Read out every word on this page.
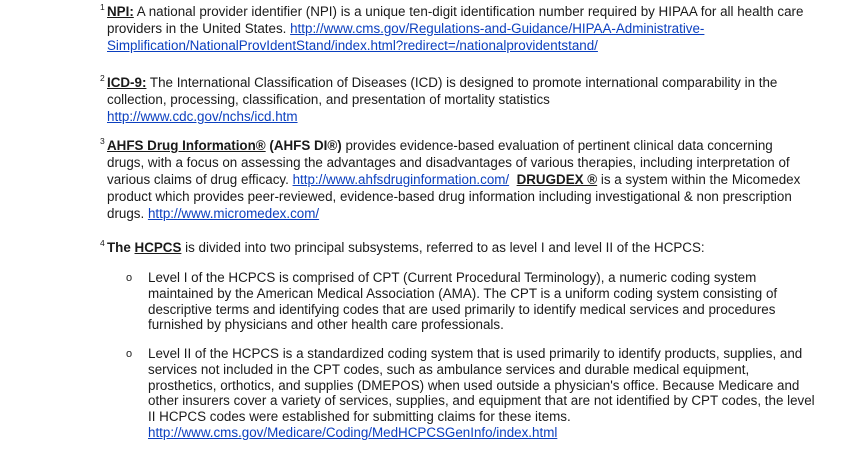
1 NPI: A national provider identifier (NPI) is a unique ten-digit identification number required by HIPAA for all health care providers in the United States. http://www.cms.gov/Regulations-and-Guidance/HIPAA-Administrative-Simplification/NationalProvIdentStand/index.html?redirect=/nationalprovidentstand/
2 ICD-9: The International Classification of Diseases (ICD) is designed to promote international comparability in the collection, processing, classification, and presentation of mortality statistics
http://www.cdc.gov/nchs/icd.htm
3 AHFS Drug Information® (AHFS DI®) provides evidence-based evaluation of pertinent clinical data concerning drugs, with a focus on assessing the advantages and disadvantages of various therapies, including interpretation of various claims of drug efficacy. http://www.ahfsdruginformation.com/ DRUGDEX ® is a system within the Micomedex product which provides peer-reviewed, evidence-based drug information including investigational & non prescription drugs. http://www.micromedex.com/
4 The HCPCS is divided into two principal subsystems, referred to as level I and level II of the HCPCS:
o Level I of the HCPCS is comprised of CPT (Current Procedural Terminology), a numeric coding system maintained by the American Medical Association (AMA). The CPT is a uniform coding system consisting of descriptive terms and identifying codes that are used primarily to identify medical services and procedures furnished by physicians and other health care professionals.
o Level II of the HCPCS is a standardized coding system that is used primarily to identify products, supplies, and services not included in the CPT codes, such as ambulance services and durable medical equipment, prosthetics, orthotics, and supplies (DMEPOS) when used outside a physician's office. Because Medicare and other insurers cover a variety of services, supplies, and equipment that are not identified by CPT codes, the level II HCPCS codes were established for submitting claims for these items.
http://www.cms.gov/Medicare/Coding/MedHCPCSGenInfo/index.html
